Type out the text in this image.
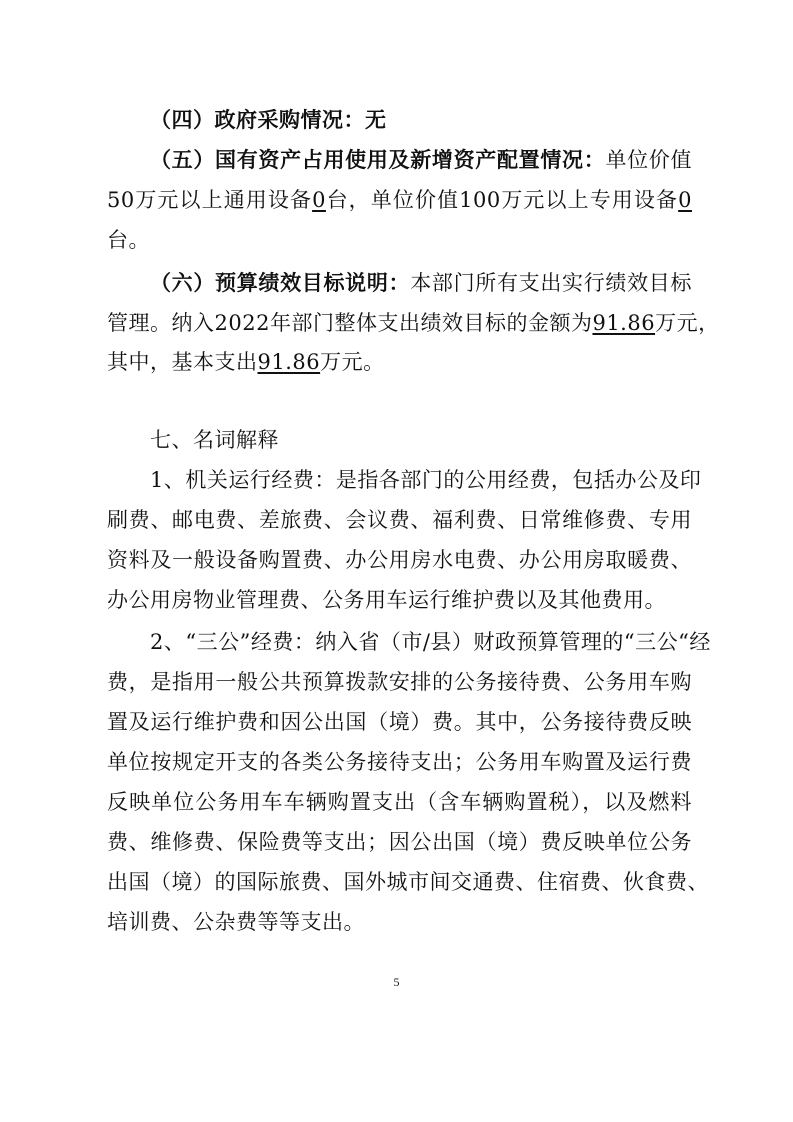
（四）政府采购情况：无
（五）国有资产占用使用及新增资产配置情况：单位价值
50万元以上通用设备0台，单位价值100万元以上专用设备0
台。
（六）预算绩效目标说明：本部门所有支出实行绩效目标
管理。纳入2022年部门整体支出绩效目标的金额为91.86万元，
其中，基本支出91.86万元。
七、名词解释
1、机关运行经费：是指各部门的公用经费，包括办公及印
刷费、邮电费、差旅费、会议费、福利费、日常维修费、专用
资料及一般设备购置费、办公用房水电费、办公用房取暖费、
办公用房物业管理费、公务用车运行维护费以及其他费用。
2、“三公”经费：纳入省（市/县）财政预算管理的“三公“经
费，是指用一般公共预算拨款安排的公务接待费、公务用车购
置及运行维护费和因公出国（境）费。其中，公务接待费反映
单位按规定开支的各类公务接待支出；公务用车购置及运行费
反映单位公务用车车辆购置支出（含车辆购置税），以及燃料
费、维修费、保险费等支出；因公出国（境）费反映单位公务
出国（境）的国际旅费、国外城市间交通费、住宿费、伙食费、
培训费、公杂费等等支出。
5
